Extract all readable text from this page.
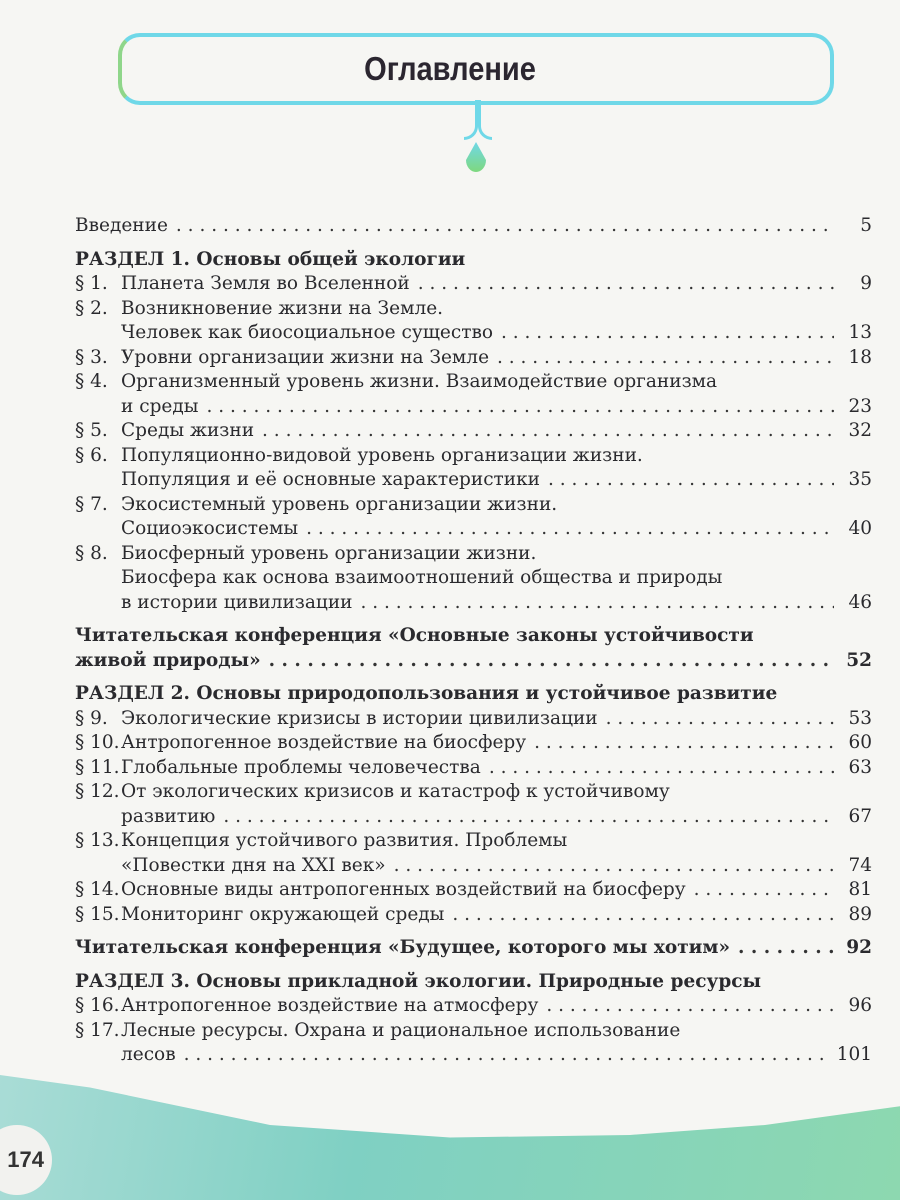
Оглавление
Введение . . .	5
РАЗДЕЛ 1. Основы общей экологии
§ 1. Планета Земля во Вселенной . . .	9
§ 2. Возникновение жизни на Земле.
Человек как биосоциальное существо . . .	13
§ 3. Уровни организации жизни на Земле . . .	18
§ 4. Организменный уровень жизни. Взаимодействие организма
и среды . . .	23
§ 5. Среды жизни . . .	32
§ 6. Популяционно-видовой уровень организации жизни.
Популяция и её основные характеристики . . .	35
§ 7. Экосистемный уровень организации жизни.
Социоэкосистемы . . .	40
§ 8. Биосферный уровень организации жизни.
Биосфера как основа взаимоотношений общества и природы
в истории цивилизации . . .	46
Читательская конференция «Основные законы устойчивости
живой природы» . . .	52
РАЗДЕЛ 2. Основы природопользования и устойчивое развитие
§ 9. Экологические кризисы в истории цивилизации . . .	53
§ 10. Антропогенное воздействие на биосферу . . .	60
§ 11. Глобальные проблемы человечества . . .	63
§ 12. От экологических кризисов и катастроф к устойчивому
развитию . . .	67
§ 13. Концепция устойчивого развития. Проблемы
«Повестки дня на XXI век» . . .	74
§ 14. Основные виды антропогенных воздействий на биосферу . . .	81
§ 15. Мониторинг окружающей среды . . .	89
Читательская конференция «Будущее, которого мы хотим» . . .	92
РАЗДЕЛ 3. Основы прикладной экологии. Природные ресурсы
§ 16. Антропогенное воздействие на атмосферу . . .	96
§ 17. Лесные ресурсы. Охрана и рациональное использование
лесов . . .	101
174
